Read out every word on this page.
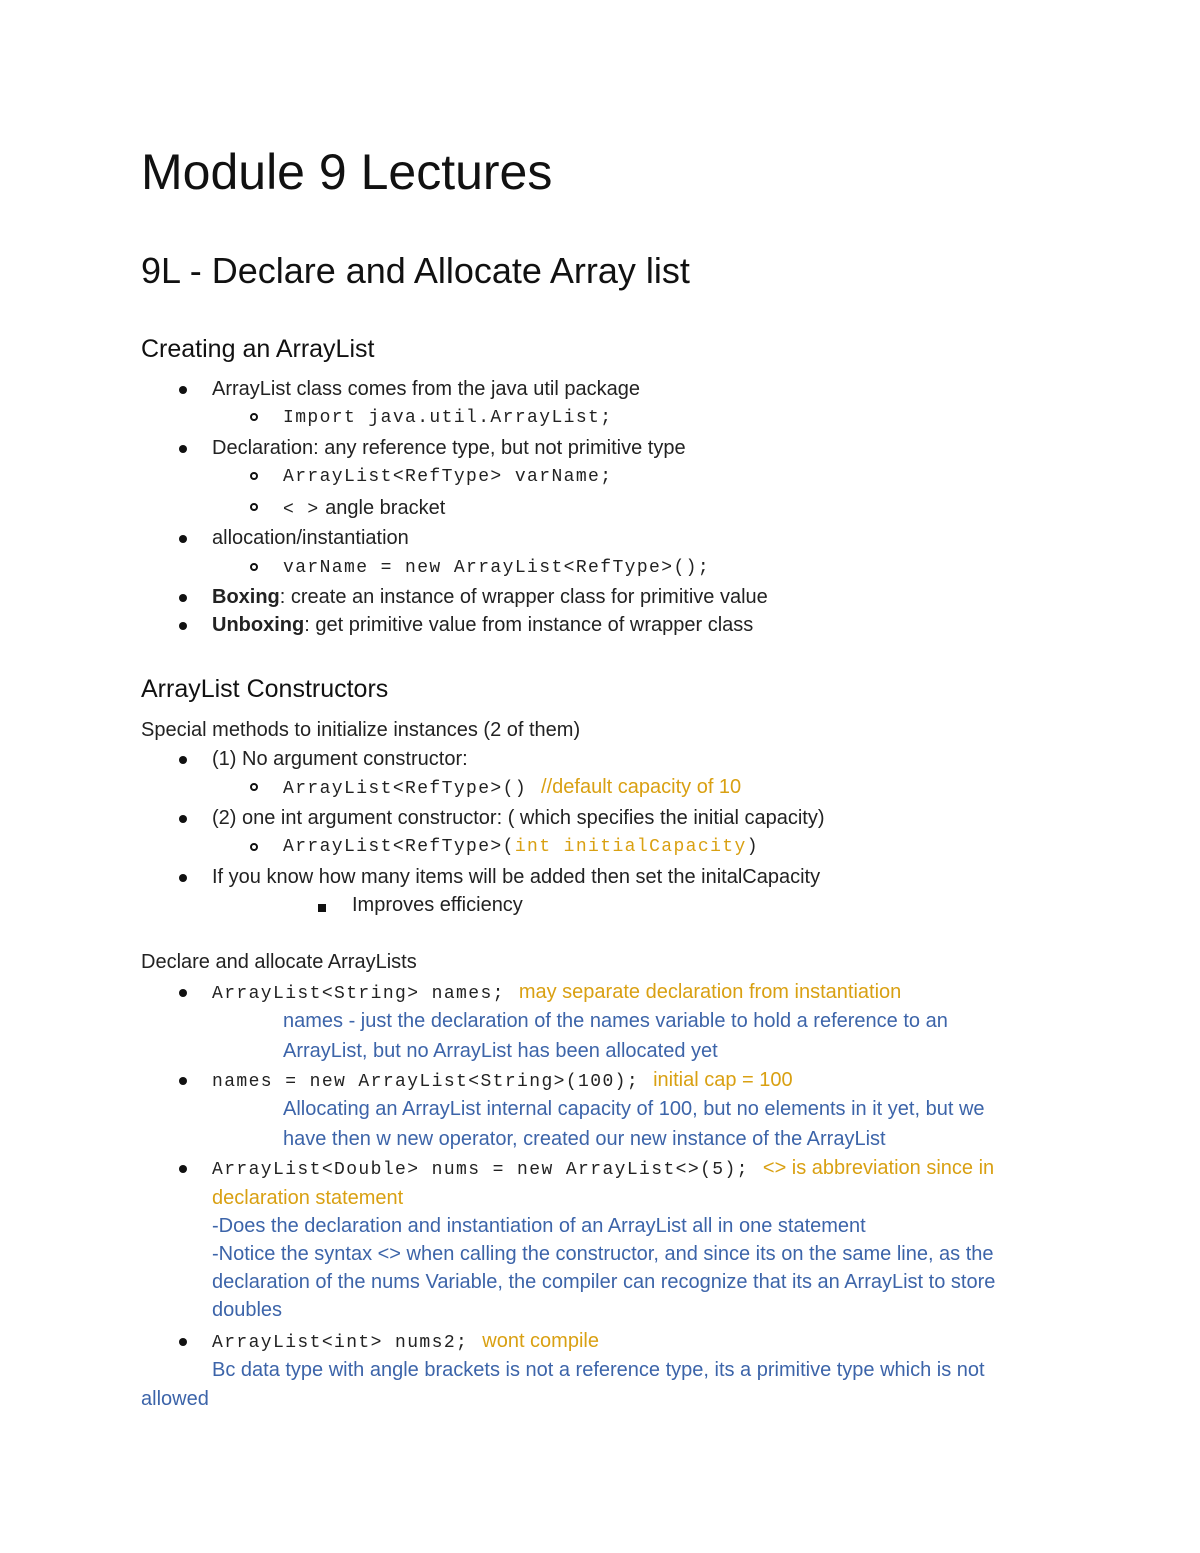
Module 9 Lectures
9L - Declare and Allocate Array list
Creating an ArrayList
ArrayList class comes from the java util package
Import java.util.ArrayList;
Declaration: any reference type, but not primitive type
ArrayList<RefType> varName;
< > angle bracket
allocation/instantiation
varName = new ArrayList<RefType>();
Boxing: create an instance of wrapper class for primitive value
Unboxing: get primitive value from instance of wrapper class
ArrayList Constructors
Special methods to initialize instances (2 of them)
(1) No argument constructor:
ArrayList<RefType>() //default capacity of 10
(2) one int argument constructor: ( which specifies the initial capacity)
ArrayList<RefType>(int initialCapacity)
If you know how many items will be added then set the initalCapacity
Improves efficiency
Declare and allocate ArrayLists
ArrayList<String> names; may separate declaration from instantiation
names - just the declaration of the names variable to hold a reference to an
ArrayList, but no ArrayList has been allocated yet
names = new ArrayList<String>(100); initial cap = 100
Allocating an ArrayList internal capacity of 100, but no elements in it yet, but we
have then w new operator, created our new instance of the ArrayList
ArrayList<Double> nums = new ArrayList<>(5); <> is abbreviation since in
declaration statement
-Does the declaration and instantiation of an ArrayList all in one statement
-Notice the syntax <> when calling the constructor, and since its on the same line, as the
declaration of the nums Variable, the compiler can recognize that its an ArrayList to store
doubles
ArrayList<int> nums2; wont compile
Bc data type with angle brackets is not a reference type, its a primitive type which is not
allowed
